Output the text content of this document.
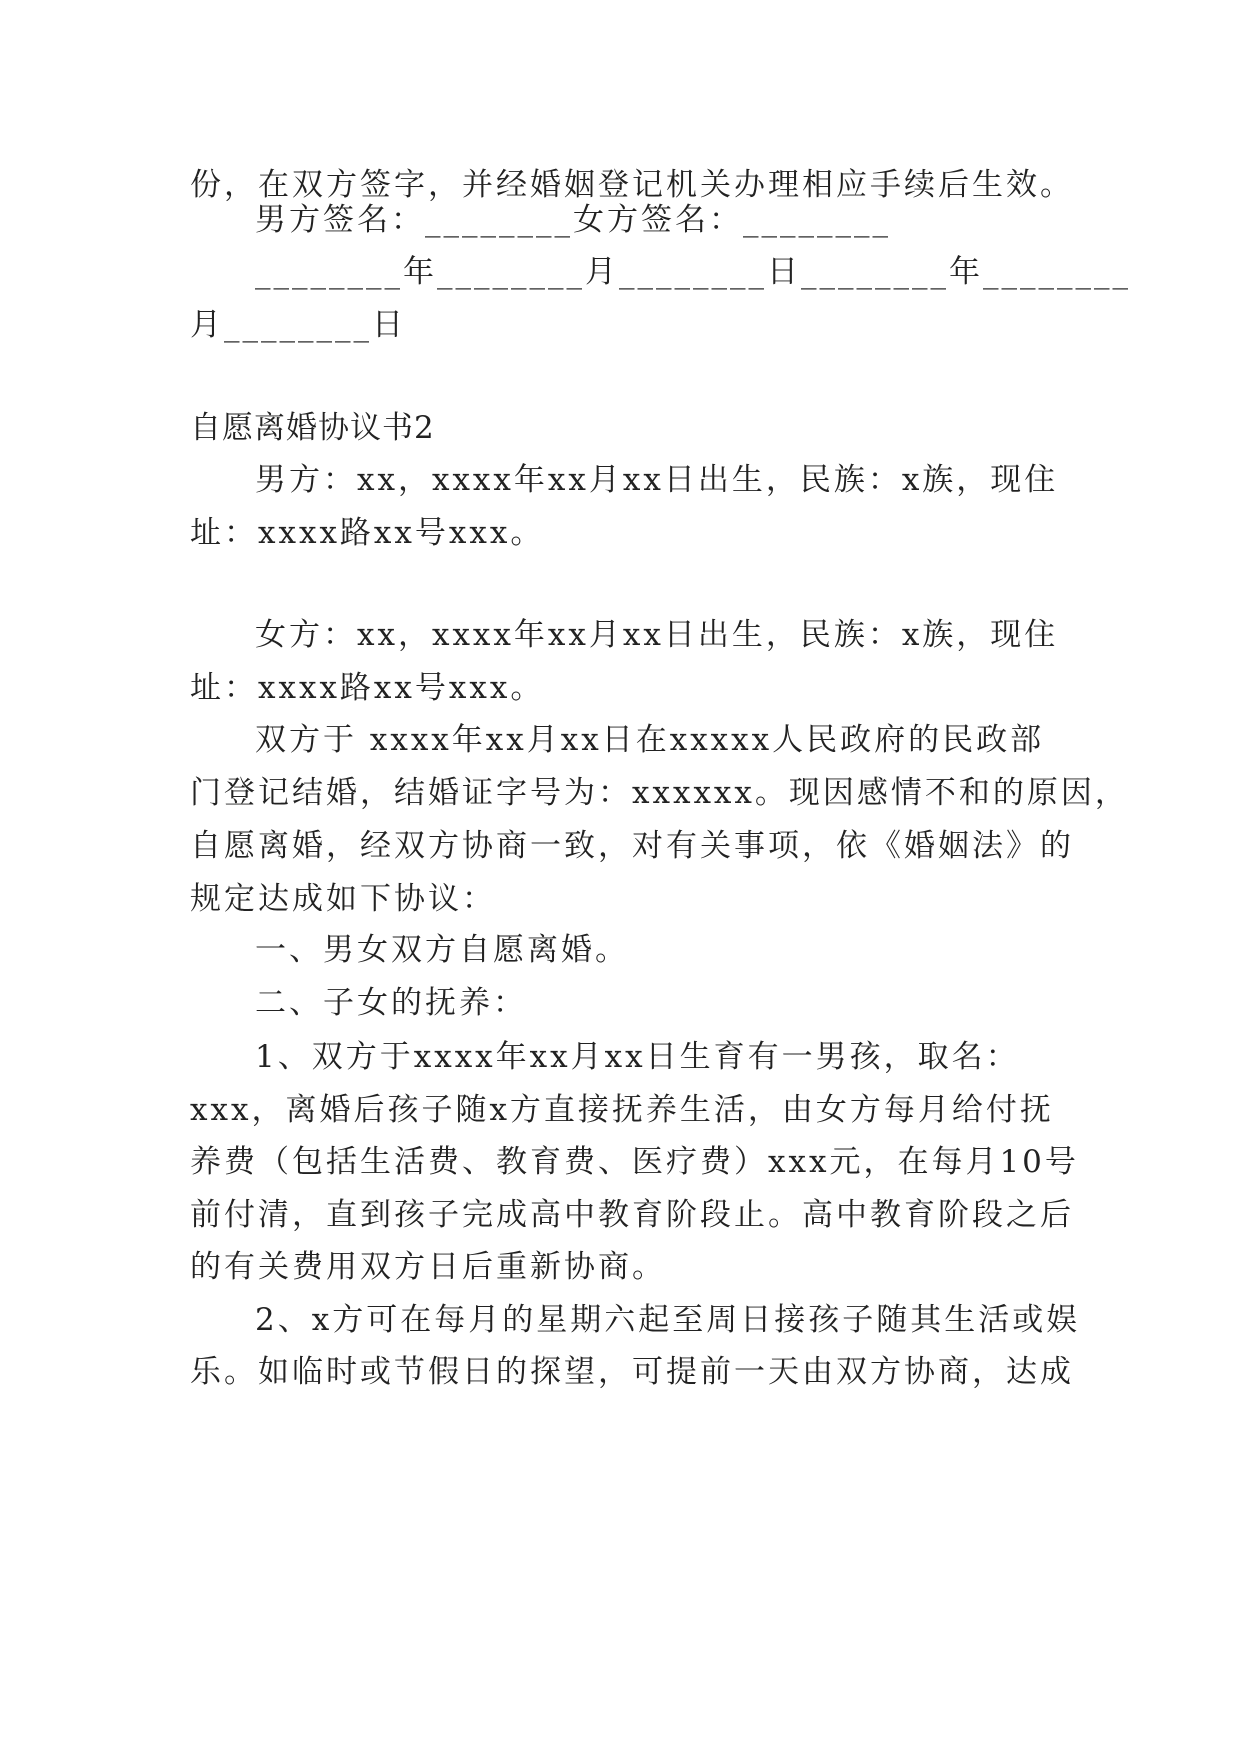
份，在双方签字，并经婚姻登记机关办理相应手续后生效。
男方签名：________女方签名：________
________年________月________日________年________
月________日
自愿离婚协议书2
男方：xx，xxxx年xx月xx日出生，民族：x族，现住
址：xxxx路xx号xxx。
女方：xx，xxxx年xx月xx日出生，民族：x族，现住
址：xxxx路xx号xxx。
双方于 xxxx年xx月xx日在xxxxx人民政府的民政部
门登记结婚，结婚证字号为：xxxxxx。现因感情不和的原因，
自愿离婚，经双方协商一致，对有关事项，依《婚姻法》的
规定达成如下协议：
一、男女双方自愿离婚。
二、子女的抚养：
1、双方于xxxx年xx月xx日生育有一男孩，取名：
xxx，离婚后孩子随x方直接抚养生活，由女方每月给付抚
养费（包括生活费、教育费、医疗费）xxx元，在每月10号
前付清，直到孩子完成高中教育阶段止。高中教育阶段之后
的有关费用双方日后重新协商。
2、x方可在每月的星期六起至周日接孩子随其生活或娱
乐。如临时或节假日的探望，可提前一天由双方协商，达成
